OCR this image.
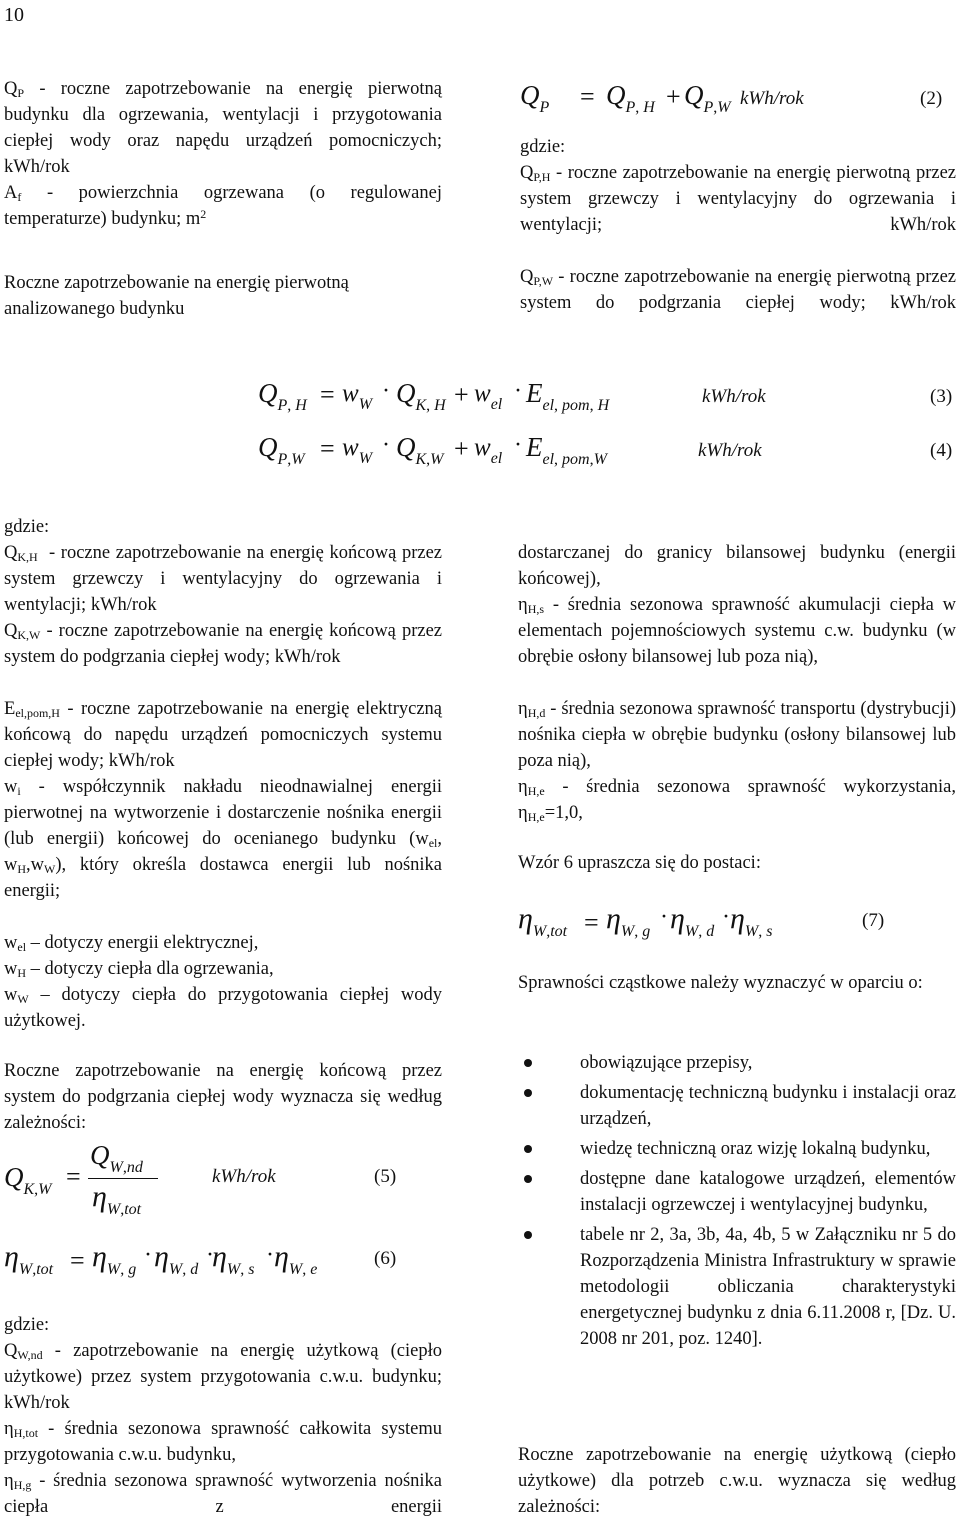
10
$Q_P$ - roczne zapotrzebowanie na energię pierwotną budynku dla ogrzewania, wentylacji i przygotowania ciepłej wody oraz napędu urządzeń pomocniczych; kWh/rok
$A_f$ - powierzchnia ogrzewana (o regulowanej temperaturze) budynku; $m^2$
Roczne zapotrzebowanie na energię pierwotną analizowanego budynku
QP = QP, H + QP,W kWh/rok	(2)
gdzie:
$Q_{P,H}$ - roczne zapotrzebowanie na energię pierwotną przez system grzewczy i wentylacyjny do ogrzewania i wentylacji; kWh/rok
$Q_{P,W}$ - roczne zapotrzebowanie na energię pierwotną przez system do podgrzania ciepłej wody; kWh/rok
QP, H = wW
· QK, H + wel
· Eel, pom, H	kWh/rok	(3)
QP,W = wW
· QK,W + wel
· Eel, pom,W	kWh/rok	(4)
gdzie:
$Q_{K,H}$ - roczne zapotrzebowanie na energię końcową przez system grzewczy i wentylacyjny do ogrzewania i wentylacji; kWh/rok
$Q_{K,W}$ - roczne zapotrzebowanie na energię końcową przez system do podgrzania ciepłej wody; kWh/rok
$E_{el,pom,H}$ - roczne zapotrzebowanie na energię elektryczną końcową do napędu urządzeń pomocniczych systemu ciepłej wody; kWh/rok
$w_i$ - współczynnik nakładu nieodnawialnej energii pierwotnej na wytworzenie i dostarczenie nośnika energii (lub energii) końcowej do ocenianego budynku ($w_{el}$, $w_H,w_W$), który określa dostawca energii lub nośnika energii;
$w_{el}$ – dotyczy energii elektrycznej,
$w_H$ – dotyczy ciepła dla ogrzewania,
$w_W$ – dotyczy ciepła do przygotowania ciepłej wody użytkowej.
Roczne zapotrzebowanie na energię końcową przez system do podgrzania ciepłej wody wyznacza się według zależności:
QK,W =
QW,nd
ηW,tot
kWh/rok	(5)
ηW,tot = ηW, g
· ηW, d
·
ηW, s
· ηW, e
(6)
gdzie:
$Q_{W,nd}$ - zapotrzebowanie na energię użytkową (ciepło użytkowe) przez system przygotowania c.w.u. budynku; kWh/rok
$\eta_{H,tot}$ - średnia sezonowa sprawność całkowita systemu przygotowania c.w.u. budynku,
$\eta_{H,g}$ - średnia sezonowa sprawność wytworzenia nośnika ciepła z energii
dostarczanej do granicy bilansowej budynku (energii końcowej),
$\eta_{H,s}$ - średnia sezonowa sprawność akumulacji ciepła w elementach pojemnościowych systemu c.w. budynku (w obrębie osłony bilansowej lub poza nią),
$\eta_{H,d}$ - średnia sezonowa sprawność transportu (dystrybucji) nośnika ciepła w obrębie budynku (osłony bilansowej lub poza nią),
$\eta_{H,e}$ - średnia sezonowa sprawność wykorzystania, $\eta_{H,e}=1,0$,
Wzór 6 upraszcza się do postaci:
ηW,tot = ηW, g
· ηW, d
· ηW, s
(7)
Sprawności cząstkowe należy wyznaczyć w oparciu o:
obowiązujące przepisy,
dokumentację techniczną budynku i instalacji oraz urządzeń,
wiedzę techniczną oraz wizję lokalną budynku,
dostępne dane katalogowe urządzeń, elementów instalacji ogrzewczej i wentylacyjnej budynku,
tabele nr 2, 3a, 3b, 4a, 4b, 5 w Załączniku nr 5 do Rozporządzenia Ministra Infrastruktury w sprawie metodologii obliczania charakterystyki energetycznej budynku z dnia 6.11.2008 r, [Dz. U. 2008 nr 201, poz. 1240].
Roczne zapotrzebowanie na energię użytkową (ciepło użytkowe) dla potrzeb c.w.u. wyznacza się według zależności:
